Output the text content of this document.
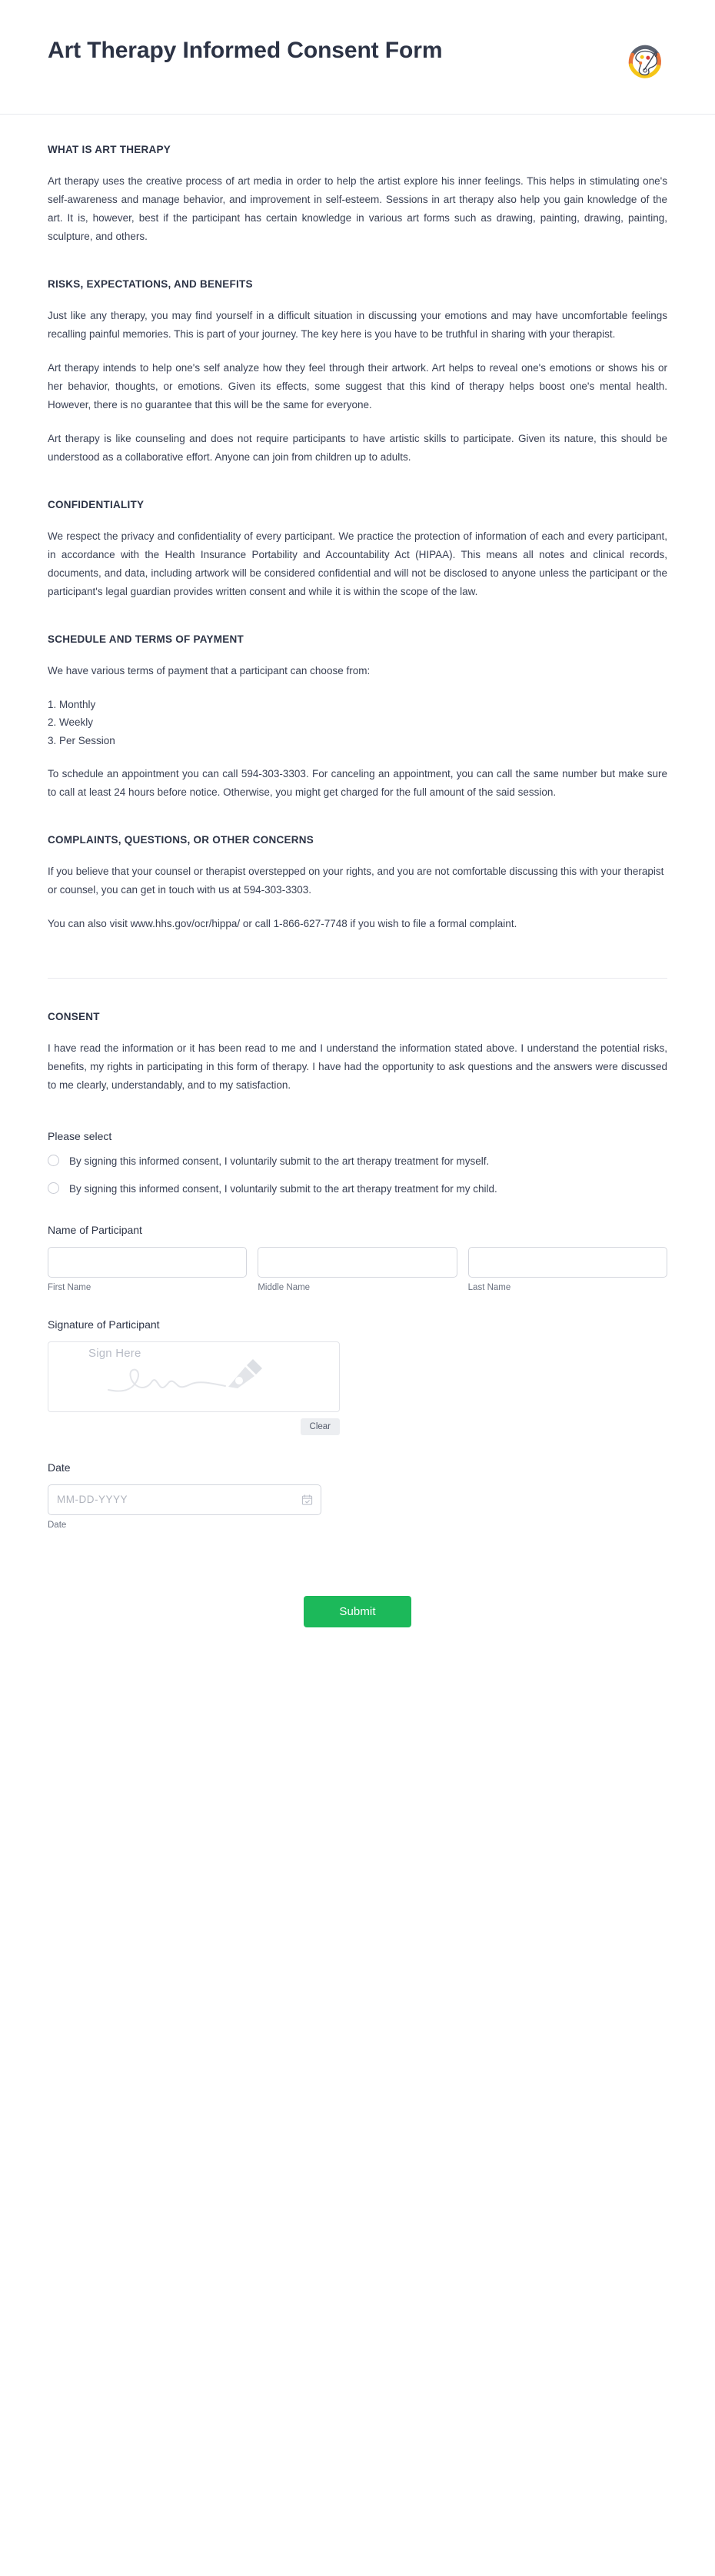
Art Therapy Informed Consent Form
WHAT IS ART THERAPY

Art therapy uses the creative process of art media in order to help the artist explore his inner feelings. This helps in stimulating one's self-awareness and manage behavior, and improvement in self-esteem. Sessions in art therapy also help you gain knowledge of the art. It is, however, best if the participant has certain knowledge in various art forms such as drawing, painting, drawing, painting, sculpture, and others.

RISKS, EXPECTATIONS, AND BENEFITS

Just like any therapy, you may find yourself in a difficult situation in discussing your emotions and may have uncomfortable feelings recalling painful memories. This is part of your journey. The key here is you have to be truthful in sharing with your therapist.

Art therapy intends to help one's self analyze how they feel through their artwork. Art helps to reveal one's emotions or shows his or her behavior, thoughts, or emotions. Given its effects, some suggest that this kind of therapy helps boost one's mental health. However, there is no guarantee that this will be the same for everyone.

Art therapy is like counseling and does not require participants to have artistic skills to participate. Given its nature, this should be understood as a collaborative effort. Anyone can join from children up to adults.

CONFIDENTIALITY

We respect the privacy and confidentiality of every participant. We practice the protection of information of each and every participant, in accordance with the Health Insurance Portability and Accountability Act (HIPAA). This means all notes and clinical records, documents, and data, including artwork will be considered confidential and will not be disclosed to anyone unless the participant or the participant's legal guardian provides written consent and while it is within the scope of the law.

SCHEDULE AND TERMS OF PAYMENT

We have various terms of payment that a participant can choose from:

1. Monthly
2. Weekly
3. Per Session

To schedule an appointment you can call 594-303-3303. For canceling an appointment, you can call the same number but make sure to call at least 24 hours before notice. Otherwise, you might get charged for the full amount of the said session.

COMPLAINTS, QUESTIONS, OR OTHER CONCERNS

If you believe that your counsel or therapist overstepped on your rights, and you are not comfortable discussing this with your therapist or counsel, you can get in touch with us at 594-303-3303.

You can also visit www.hhs.gov/ocr/hippa/ or call 1-866-627-7748 if you wish to file a formal complaint.

CONSENT

I have read the information or it has been read to me and I understand the information stated above. I understand the potential risks, benefits, my rights in participating in this form of therapy. I have had the opportunity to ask questions and the answers were discussed to me clearly, understandably, and to my satisfaction.

Please select
By signing this informed consent, I voluntarily submit to the art therapy treatment for myself.
By signing this informed consent, I voluntarily submit to the art therapy treatment for my child.
Name of Participant
First Name	Middle Name	Last Name
Signature of Participant
Sign Here
Clear
Date
MM-DD-YYYY
Date
Submit
